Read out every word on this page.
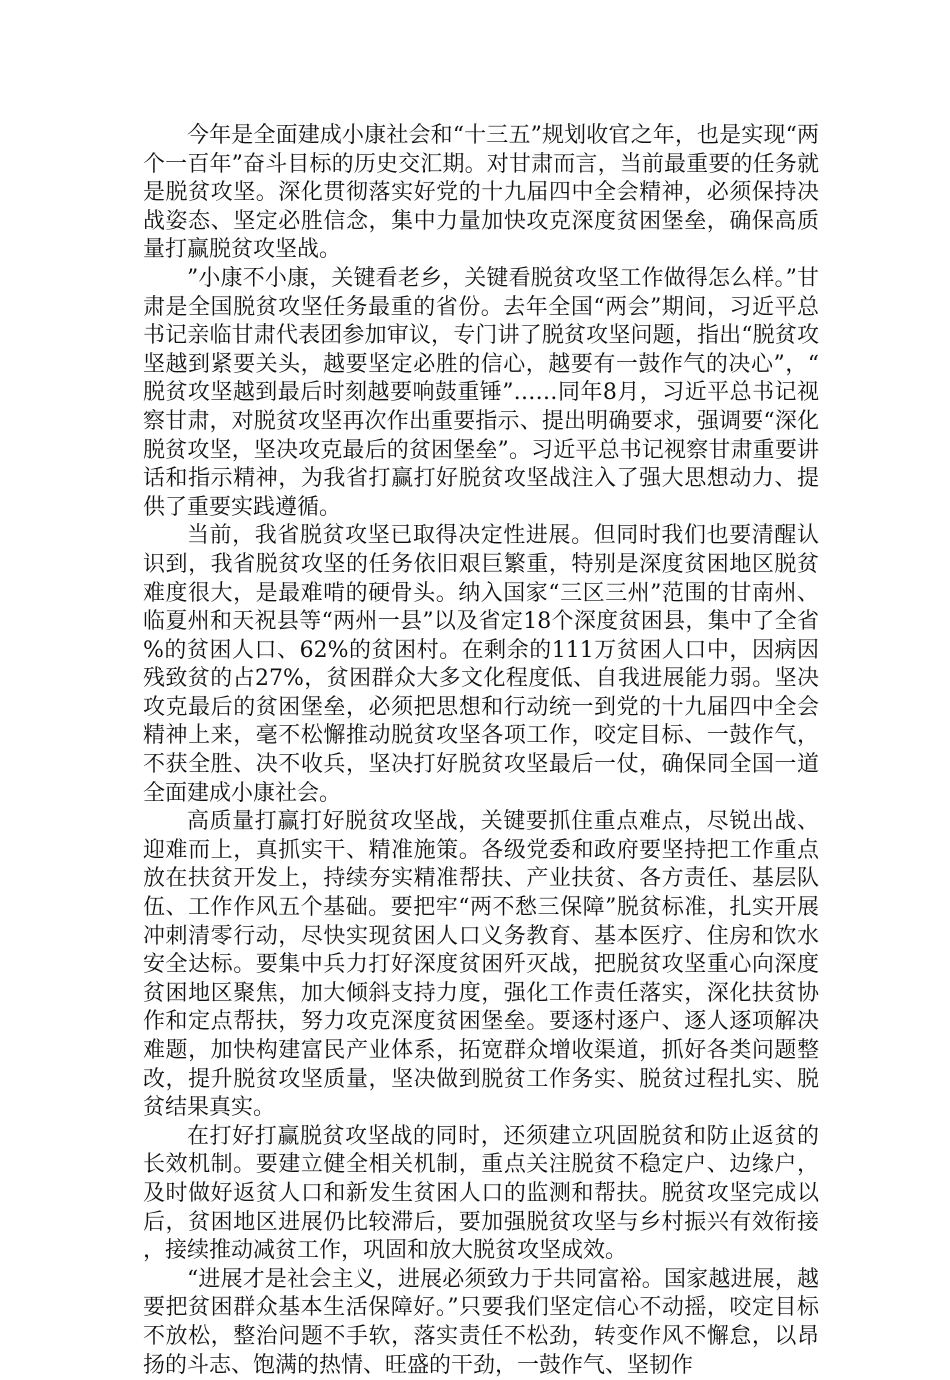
今年是全面建成小康社会和“十三五”规划收官之年，也是实现“两个一百年”奋斗目标的历史交汇期。对甘肃而言，当前最重要的任务就是脱贫攻坚。深化贯彻落实好党的十九届四中全会精神，必须保持决战姿态、坚定必胜信念，集中力量加快攻克深度贫困堡垒，确保高质量打赢脱贫攻坚战。

”小康不小康，关键看老乡，关键看脱贫攻坚工作做得怎么样。”甘肃是全国脱贫攻坚任务最重的省份。去年全国“两会”期间，习近平总书记亲临甘肃代表团参加审议，专门讲了脱贫攻坚问题，指出“脱贫攻坚越到紧要关头，越要坚定必胜的信心，越要有一鼓作气的决心”，“脱贫攻坚越到最后时刻越要响鼓重锤”……同年8月，习近平总书记视察甘肃，对脱贫攻坚再次作出重要指示、提出明确要求，强调要“深化脱贫攻坚，坚决攻克最后的贫困堡垒”。习近平总书记视察甘肃重要讲话和指示精神，为我省打赢打好脱贫攻坚战注入了强大思想动力、提供了重要实践遵循。

当前，我省脱贫攻坚已取得决定性进展。但同时我们也要清醒认识到，我省脱贫攻坚的任务依旧艰巨繁重，特别是深度贫困地区脱贫难度很大，是最难啃的硬骨头。纳入国家“三区三州”范围的甘南州、临夏州和天祝县等“两州一县”以及省定18个深度贫困县，集中了全省%的贫困人口、62%的贫困村。在剩余的111万贫困人口中，因病因残致贫的占27%，贫困群众大多文化程度低、自我进展能力弱。坚决攻克最后的贫困堡垒，必须把思想和行动统一到党的十九届四中全会精神上来，毫不松懈推动脱贫攻坚各项工作，咬定目标、一鼓作气，不获全胜、决不收兵，坚决打好脱贫攻坚最后一仗，确保同全国一道全面建成小康社会。

高质量打赢打好脱贫攻坚战，关键要抓住重点难点，尽锐出战、迎难而上，真抓实干、精准施策。各级党委和政府要坚持把工作重点放在扶贫开发上，持续夯实精准帮扶、产业扶贫、各方责任、基层队伍、工作作风五个基础。要把牢“两不愁三保障”脱贫标准，扎实开展冲刺清零行动，尽快实现贫困人口义务教育、基本医疗、住房和饮水安全达标。要集中兵力打好深度贫困歼灭战，把脱贫攻坚重心向深度贫困地区聚焦，加大倾斜支持力度，强化工作责任落实，深化扶贫协作和定点帮扶，努力攻克深度贫困堡垒。要逐村逐户、逐人逐项解决难题，加快构建富民产业体系，拓宽群众增收渠道，抓好各类问题整改，提升脱贫攻坚质量，坚决做到脱贫工作务实、脱贫过程扎实、脱贫结果真实。

在打好打赢脱贫攻坚战的同时，还须建立巩固脱贫和防止返贫的长效机制。要建立健全相关机制，重点关注脱贫不稳定户、边缘户，及时做好返贫人口和新发生贫困人口的监测和帮扶。脱贫攻坚完成以后，贫困地区进展仍比较滞后，要加强脱贫攻坚与乡村振兴有效衔接，接续推动减贫工作，巩固和放大脱贫攻坚成效。

“进展才是社会主义，进展必须致力于共同富裕。国家越进展，越要把贫困群众基本生活保障好。”只要我们坚定信心不动摇，咬定目标不放松，整治问题不手软，落实责任不松劲，转变作风不懈怠，以昂扬的斗志、饱满的热情、旺盛的干劲，一鼓作气、坚韧作
